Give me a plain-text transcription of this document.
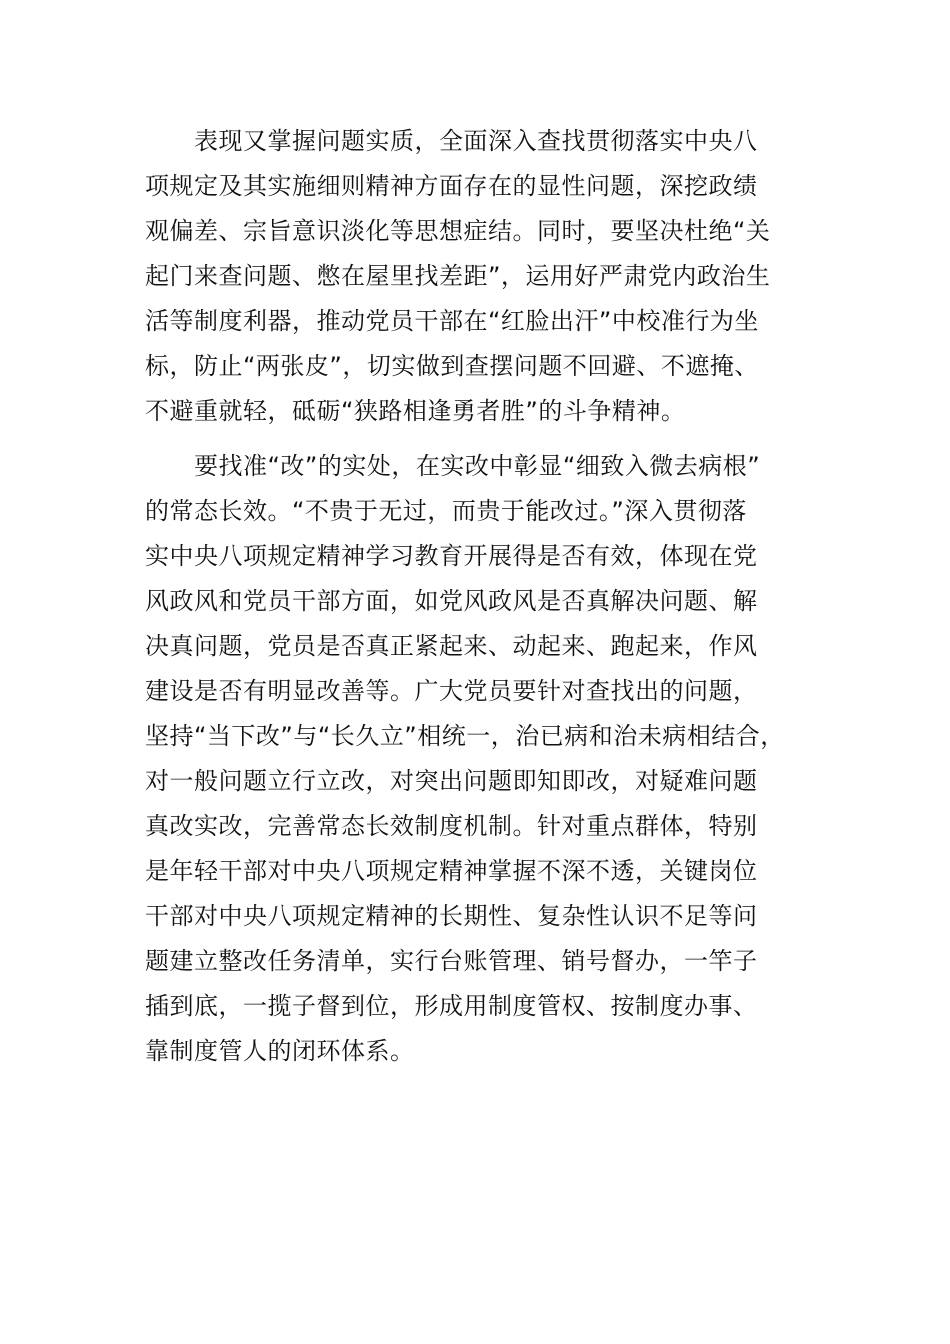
　　表现又掌握问题实质，全面深入查找贯彻落实中央八
项规定及其实施细则精神方面存在的显性问题，深挖政绩
观偏差、宗旨意识淡化等思想症结。同时，要坚决杜绝“关
起门来查问题、憋在屋里找差距”，运用好严肃党内政治生
活等制度利器，推动党员干部在“红脸出汗”中校准行为坐
标，防止“两张皮”，切实做到查摆问题不回避、不遮掩、
不避重就轻，砥砺“狭路相逢勇者胜”的斗争精神。
　　要找准“改”的实处，在实改中彰显“细致入微去病根”
的常态长效。“不贵于无过，而贵于能改过。”深入贯彻落
实中央八项规定精神学习教育开展得是否有效，体现在党
风政风和党员干部方面，如党风政风是否真解决问题、解
决真问题，党员是否真正紧起来、动起来、跑起来，作风
建设是否有明显改善等。广大党员要针对查找出的问题，
坚持“当下改”与“长久立”相统一，治已病和治未病相结合，
对一般问题立行立改，对突出问题即知即改，对疑难问题
真改实改，完善常态长效制度机制。针对重点群体，特别
是年轻干部对中央八项规定精神掌握不深不透，关键岗位
干部对中央八项规定精神的长期性、复杂性认识不足等问
题建立整改任务清单，实行台账管理、销号督办，一竿子
插到底，一揽子督到位，形成用制度管权、按制度办事、
靠制度管人的闭环体系。
